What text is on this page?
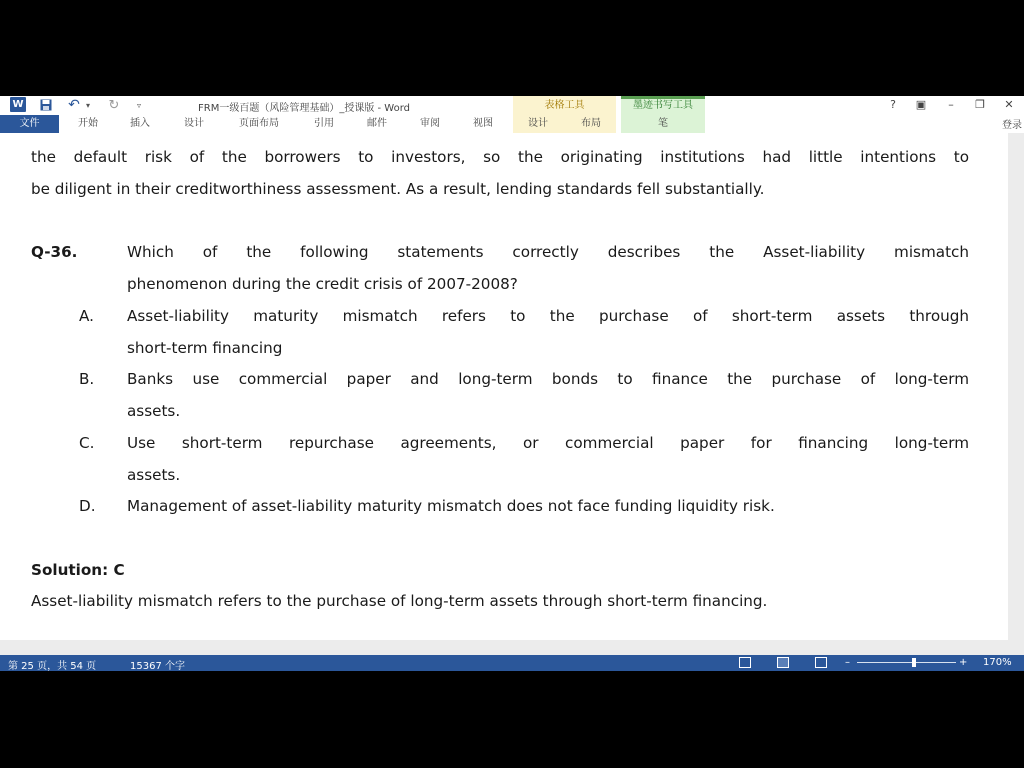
W	↶ ▾ ↻	▿	FRM一级百题（风险管理基础）_授课版 - Word	?	▣	–	❐ ✕
表格工具	墨迹书写工具
文件	开始	插入	设计	页面布局	引用	邮件	审阅	视图	设计	布局	笔	登录
the default risk of the borrowers to investors, so the originating institutions had little intentions to
be diligent in their creditworthiness assessment. As a result, lending standards fell substantially.
Q-36.	Which of the following statements correctly describes the Asset-liability mismatch
phenomenon during the credit crisis of 2007-2008?
A. Asset-liability maturity mismatch refers to the purchase of short-term assets through
short-term financing
B. Banks use commercial paper and long-term bonds to finance the purchase of long-term
assets.
C. Use short-term repurchase agreements, or commercial paper for financing long-term
assets.
D. Management of asset-liability maturity mismatch does not face funding liquidity risk.
Solution: C
Asset-liability mismatch refers to the purchase of long-term assets through short-term financing.
第 25 页，共 54 页	15367 个字	–	+ 170%
